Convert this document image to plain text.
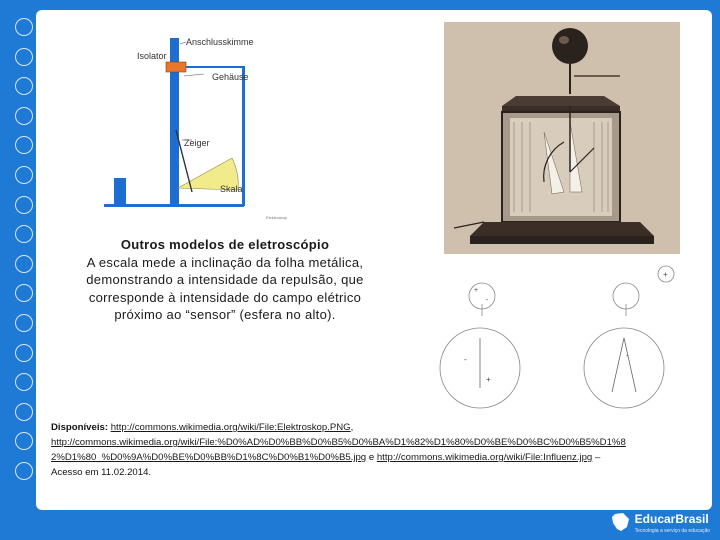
Anschlusskimme
Isolator
Gehäuse
Zeiger
Skala
Elektroskop
+
-
+
-
+
-
Outros modelos de eletroscópio
A escala mede a inclinação da folha metálica,
demonstrando a intensidade da repulsão, que
corresponde à intensidade do campo elétrico
próximo ao “sensor” (esfera no alto).
Disponíveis: http://commons.wikimedia.org/wiki/File:Elektroskop.PNG,
http://commons.wikimedia.org/wiki/File:%D0%AD%D0%BB%D0%B5%D0%BA%D1%82%D1%80%D0%BE%D0%BC%D0%B5%D1%8
2%D1%80_%D0%9A%D0%BE%D0%BB%D1%8C%D0%B1%D0%B5.jpg e http://commons.wikimedia.org/wiki/File:Influenz.jpg –
Acesso em 11.02.2014.
EducarBrasil
Tecnologia a serviço da educação
